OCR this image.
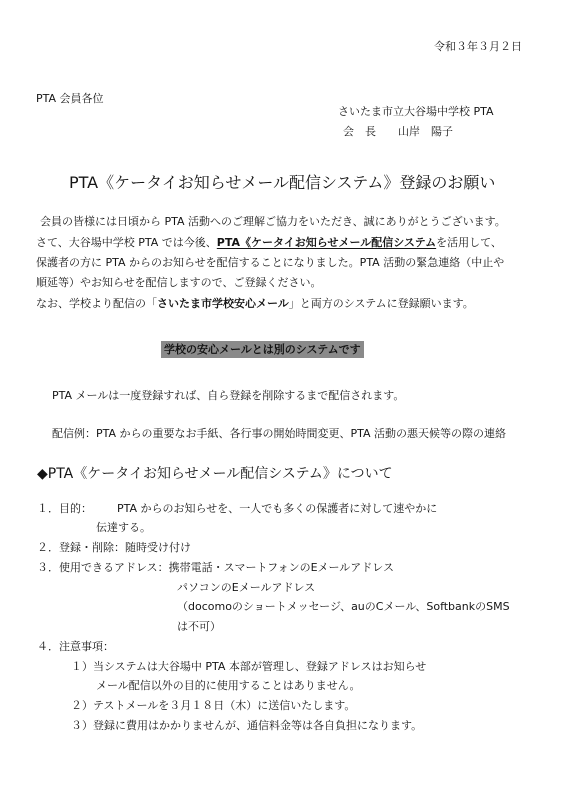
令和３年３月２日
PTA 会員各位
さいたま市立大谷場中学校 PTA
会　長　　山岸　陽子
PTA《ケータイお知らせメール配信システム》登録のお願い
会員の皆様には日頃から PTA 活動へのご理解ご協力をいただき、誠にありがとうございます。
さて、大谷場中学校 PTA では今後、PTA《ケータイお知らせメール配信システムを活用して、
保護者の方に PTA からのお知らせを配信することになりました。PTA 活動の緊急連絡（中止や
順延等）やお知らせを配信しますので、ご登録ください。
なお、学校より配信の「さいたま市学校安心メール」と両方のシステムに登録願います。
学校の安心メールとは別のシステムです
PTA メールは一度登録すれば、自ら登録を削除するまで配信されます。
配信例：PTA からの重要なお手紙、各行事の開始時間変更、PTA 活動の悪天候等の際の連絡
◆PTA《ケータイお知らせメール配信システム》について
１．目的： PTA からのお知らせを、一人でも多くの保護者に対して速やかに
伝達する。
２．登録・削除：随時受け付け
３．使用できるアドレス：携帯電話・スマートフォンのEメールアドレス
パソコンのEメールアドレス
（docomoのショートメッセージ、auのCメール、SoftbankのSMS
は不可）
４．注意事項：
１）当システムは大谷場中 PTA 本部が管理し、登録アドレスはお知らせ
メール配信以外の目的に使用することはありません。
２）テストメールを３月１８日（木）に送信いたします。
３）登録に費用はかかりませんが、通信料金等は各自負担になります。
